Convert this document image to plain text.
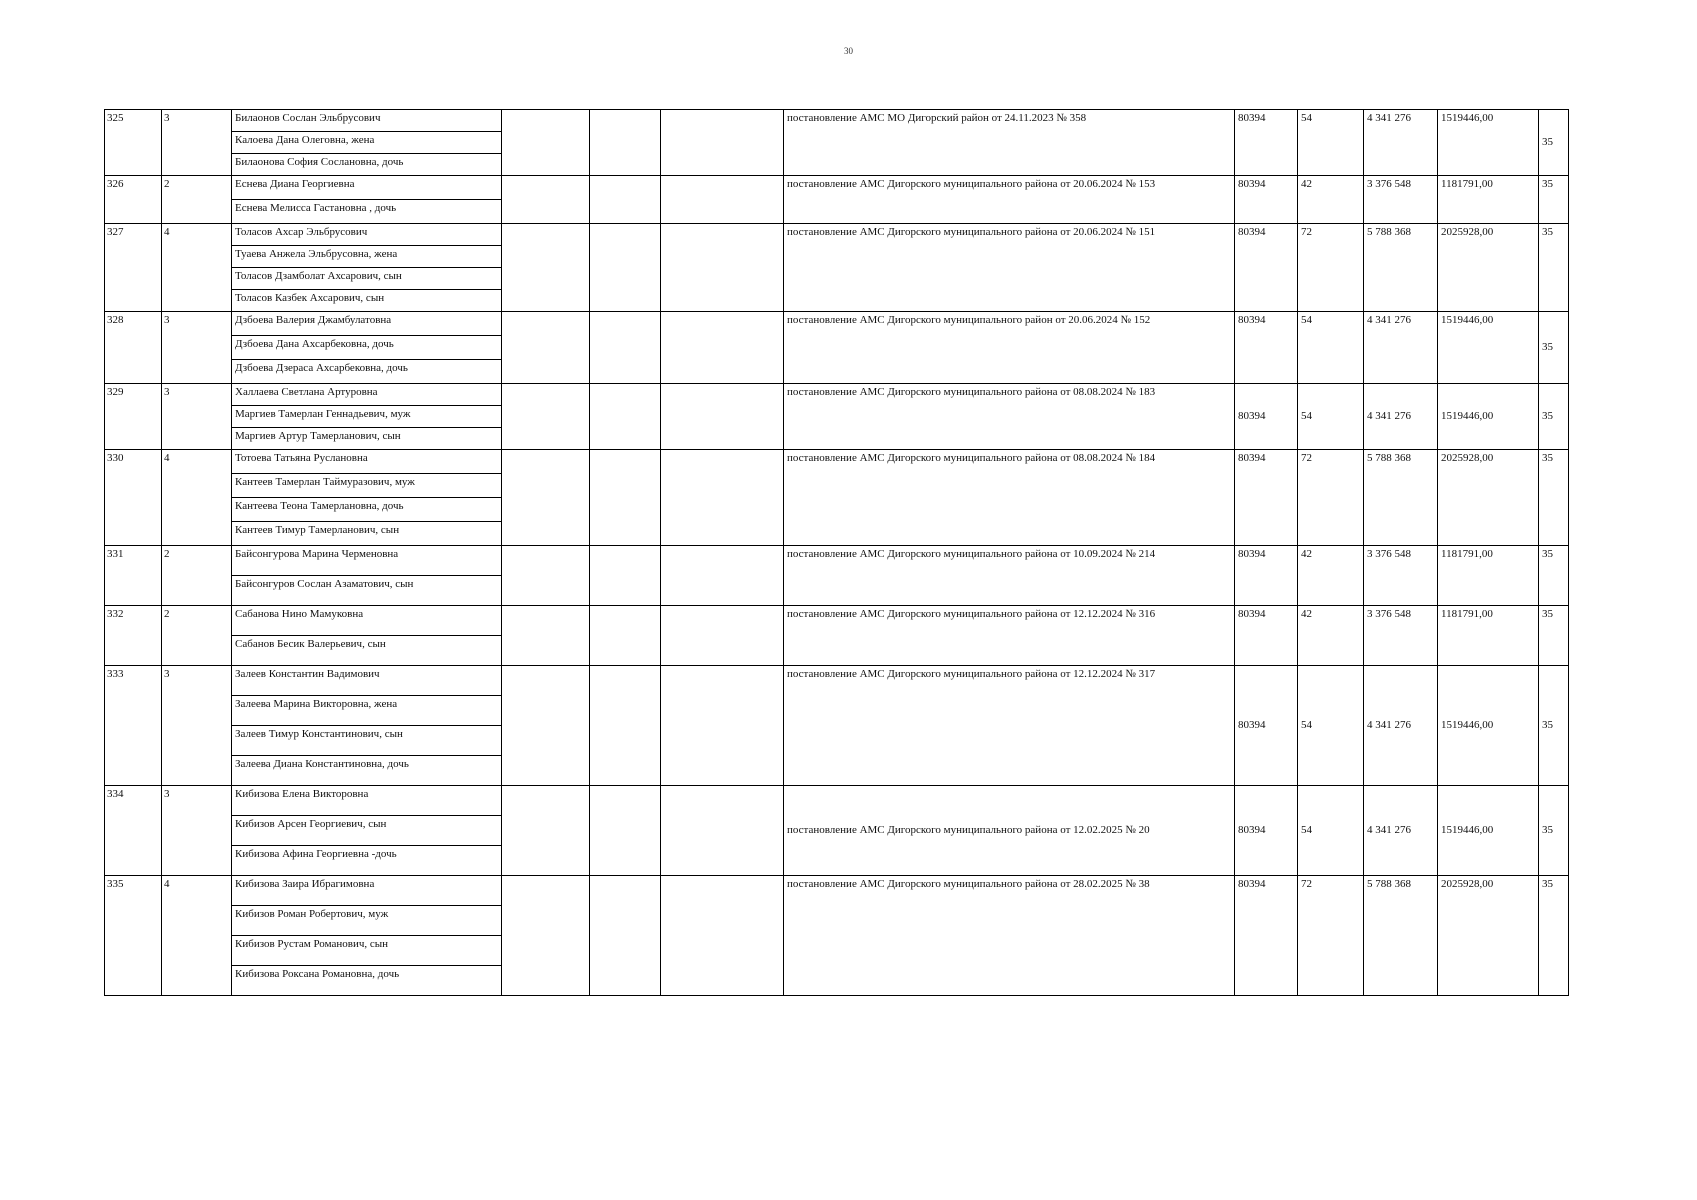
30
325	3	Билаонов Сослан Эльбрусович				постановление АМС МО Дигорский район от 24.11.2023 № 358	80394	54	4 341 276	1519446,00	35
		Калоева Дана Олеговна, жена									
		Билаонова София Сослановна, дочь									
326	2	Еснева Диана Георгиевна				постановление АМС Дигорского муниципального района от 20.06.2024 № 153	80394	42	3 376 548	1181791,00	35
		Еснева Мелисса Гастановна , дочь									
327	4	Толасов Ахсар Эльбрусович				постановление АМС Дигорского муниципального района от 20.06.2024 № 151	80394	72	5 788 368	2025928,00	35
		Туаева Анжела Эльбрусовна, жена									
		Толасов Дзамболат Ахсарович, сын									
		Толасов Казбек Ахсарович, сын									
328	3	Дзбоева Валерия Джамбулатовна				постановление АМС Дигорского муниципального район от 20.06.2024 № 152	80394	54	4 341 276	1519446,00	35
		Дзбоева Дана Ахсарбековна, дочь									
		Дзбоева Дзераса Ахсарбековна, дочь									
329	3	Халлаева Светлана Артуровна				постановление АМС Дигорского муниципального района от 08.08.2024 № 183	80394	54	4 341 276	1519446,00	35
		Маргиев Тамерлан Геннадьевич, муж									
		Маргиев Артур Тамерланович, сын									
330	4	Тотоева Татьяна Руслановна				постановление АМС Дигорского муниципального района от 08.08.2024 № 184	80394	72	5 788 368	2025928,00	35
		Кантеев Тамерлан Таймуразович, муж									
		Кантеева Теона Тамерлановна, дочь									
		Кантеев Тимур Тамерланович, сын									
331	2	Байсонгурова Марина Черменовна				постановление АМС Дигорского муниципального района от 10.09.2024 № 214	80394	42	3 376 548	1181791,00	35
		Байсонгуров Сослан Азаматович, сын									
332	2	Сабанова Нино Мамуковна				постановление АМС Дигорского муниципального района от 12.12.2024 № 316	80394	42	3 376 548	1181791,00	35
		Сабанов Бесик Валерьевич, сын									
333	3	Залеев Константин Вадимович				постановление АМС Дигорского муниципального района от 12.12.2024 № 317	80394	54	4 341 276	1519446,00	35
		Залеева Марина Викторовна, жена									
		Залеев Тимур Константинович, сын									
		Залеева Диана Константиновна, дочь									
334	3	Кибизова Елена Викторовна				постановление АМС Дигорского муниципального района от 12.02.2025 № 20	80394	54	4 341 276	1519446,00	35
		Кибизов Арсен Георгиевич, сын									
		Кибизова Афина Георгиевна -дочь									
335	4	Кибизова Заира Ибрагимовна				постановление АМС Дигорского муниципального района от 28.02.2025 № 38	80394	72	5 788 368	2025928,00	35
		Кибизов Роман Робертович, муж									
		Кибизов Рустам Романович, сын									
		Кибизова Роксана Романовна, дочь									
